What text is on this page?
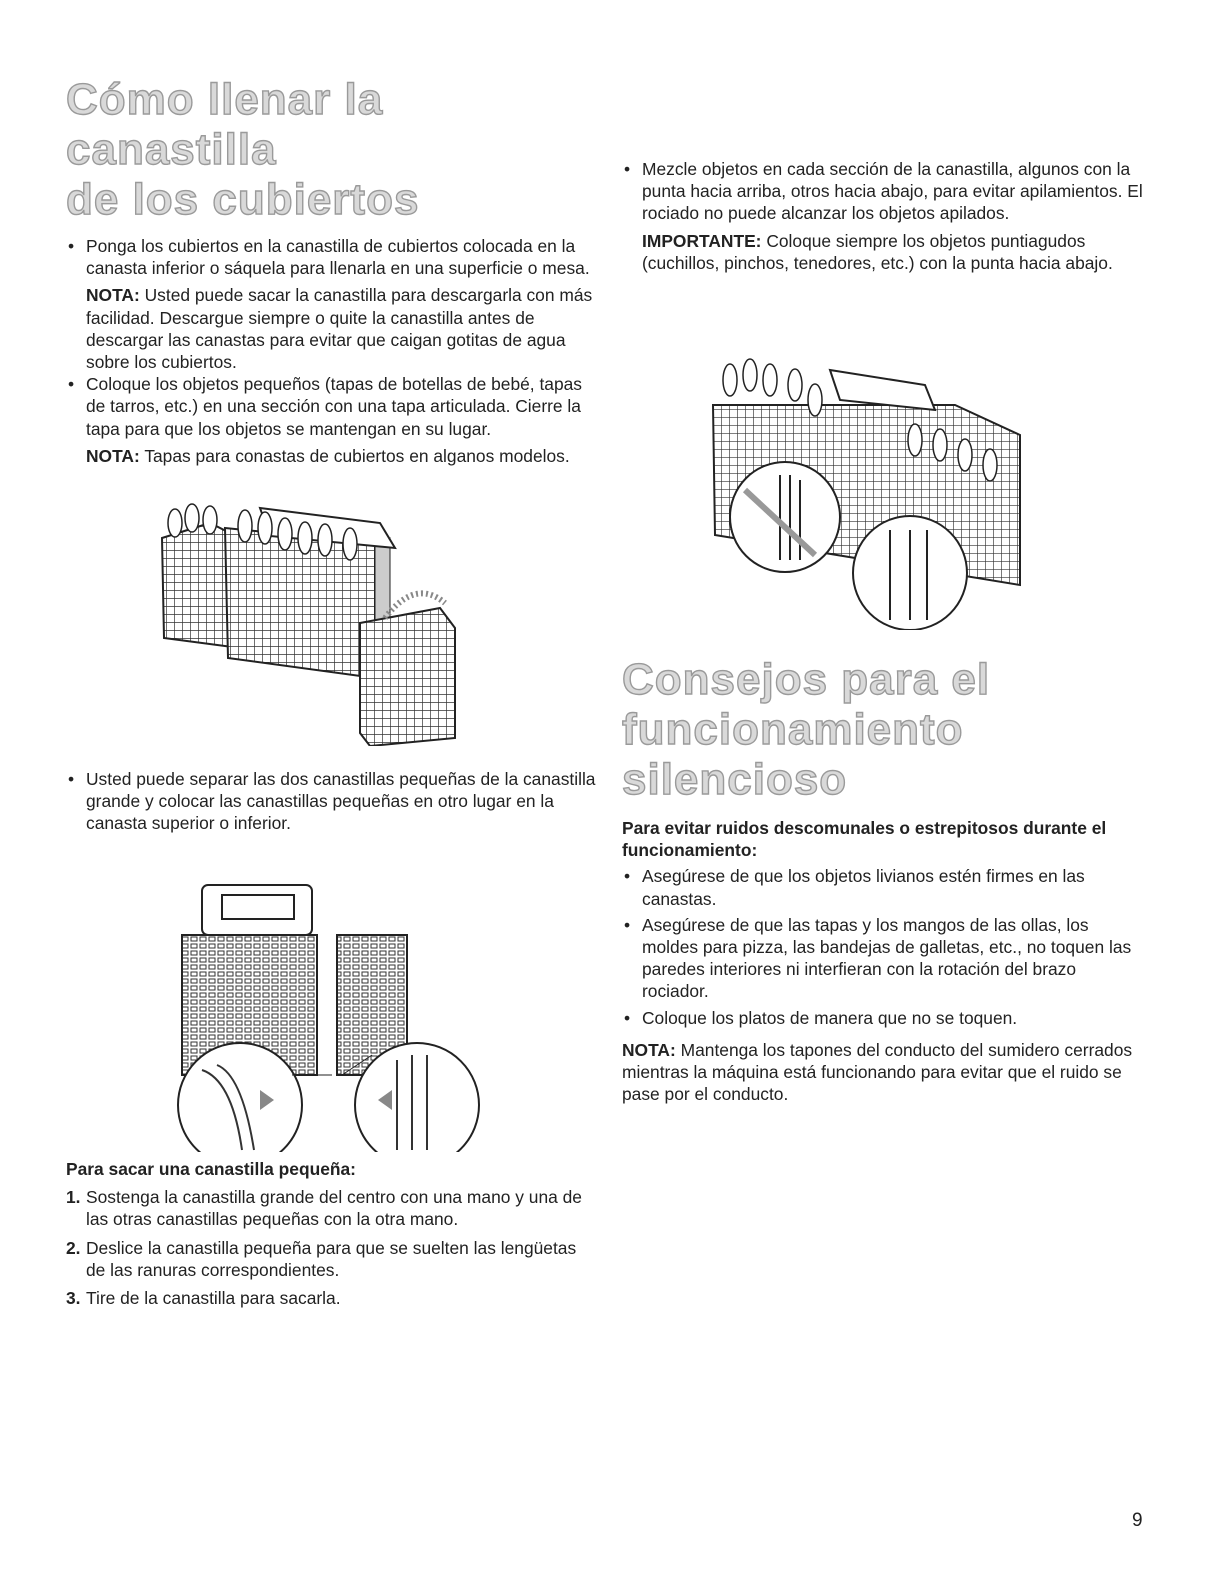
Cómo llenar la canastilla
de los cubiertos
• Ponga los cubiertos en la canastilla de cubiertos colocada en la canasta inferior o sáquela para llenarla en una superficie o mesa.
NOTA: Usted puede sacar la canastilla para descargarla con más facilidad. Descargue siempre o quite la canastilla antes de descargar las canastas para evitar que caigan gotitas de agua sobre los cubiertos.
• Coloque los objetos pequeños (tapas de botellas de bebé, tapas de tarros, etc.) en una sección con una tapa articulada. Cierre la tapa para que los objetos se mantengan en su lugar.
NOTA: Tapas para conastas de cubiertos en alganos modelos.
• Usted puede separar las dos canastillas pequeñas de la canastilla grande y colocar las canastillas pequeñas en otro lugar en la canasta superior o inferior.

Para sacar una canastilla pequeña:

1. Sostenga la canastilla grande del centro con una mano y una de las otras canastillas pequeñas con la otra mano.
2. Deslice la canastilla pequeña para que se suelten las lengüetas de las ranuras correspondientes.
3. Tire de la canastilla para sacarla.
• Mezcle objetos en cada sección de la canastilla, algunos con la punta hacia arriba, otros hacia abajo, para evitar apilamientos. El rociado no puede alcanzar los objetos apilados.
IMPORTANTE: Coloque siempre los objetos puntiagudos (cuchillos, pinchos, tenedores, etc.) con la punta hacia abajo.
Consejos para el
funcionamiento silencioso

Para evitar ruidos descomunales o estrepitosos durante el funcionamiento:

• Asegúrese de que los objetos livianos estén firmes en las canastas.
• Asegúrese de que las tapas y los mangos de las ollas, los moldes para pizza, las bandejas de galletas, etc., no toquen las paredes interiores ni interfieran con la rotación del brazo rociador.
• Coloque los platos de manera que no se toquen.
NOTA: Mantenga los tapones del conducto del sumidero cerrados mientras la máquina está funcionando para evitar que el ruido se pase por el conducto.
9
